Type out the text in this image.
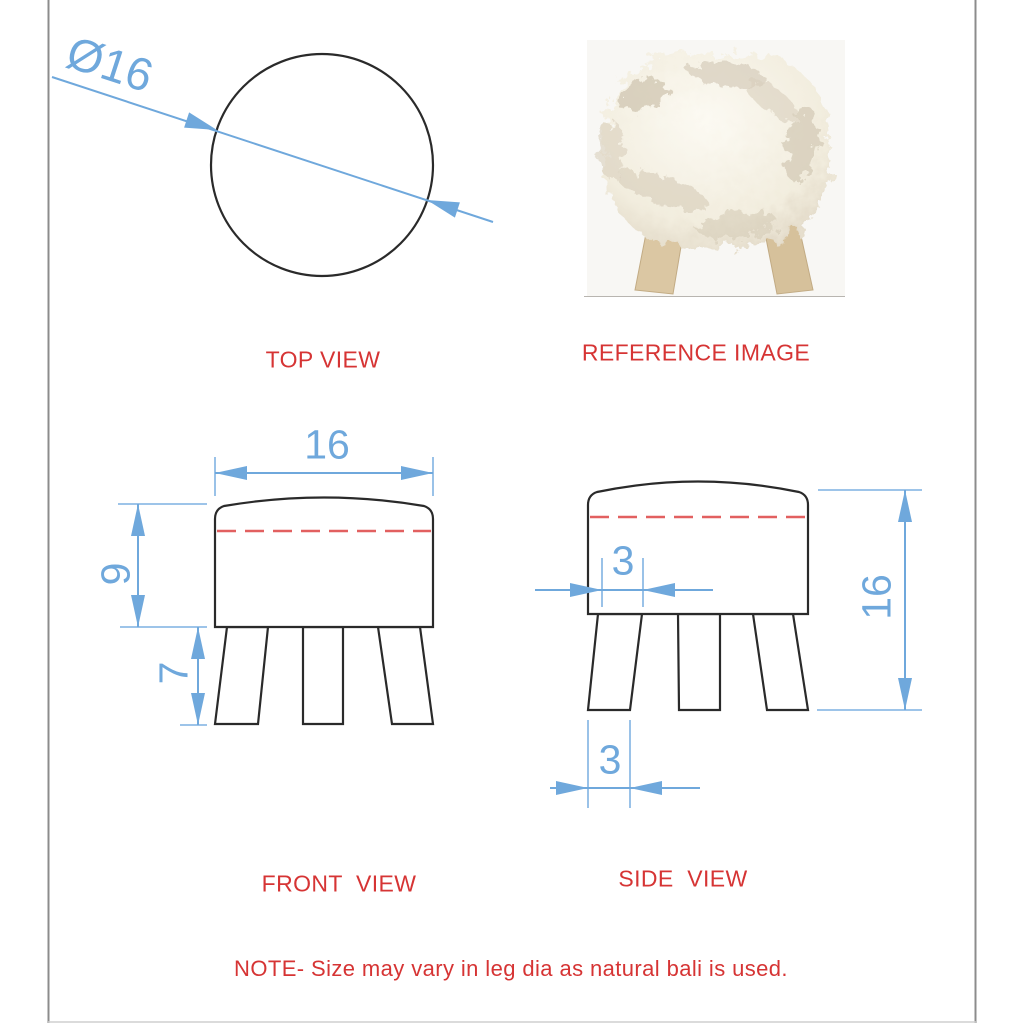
Ø16
16
9
7
3
16
3
TOP VIEW	REFERENCE IMAGE
FRONT  VIEW	SIDE  VIEW
NOTE- Size may vary in leg dia as natural bali is used.
